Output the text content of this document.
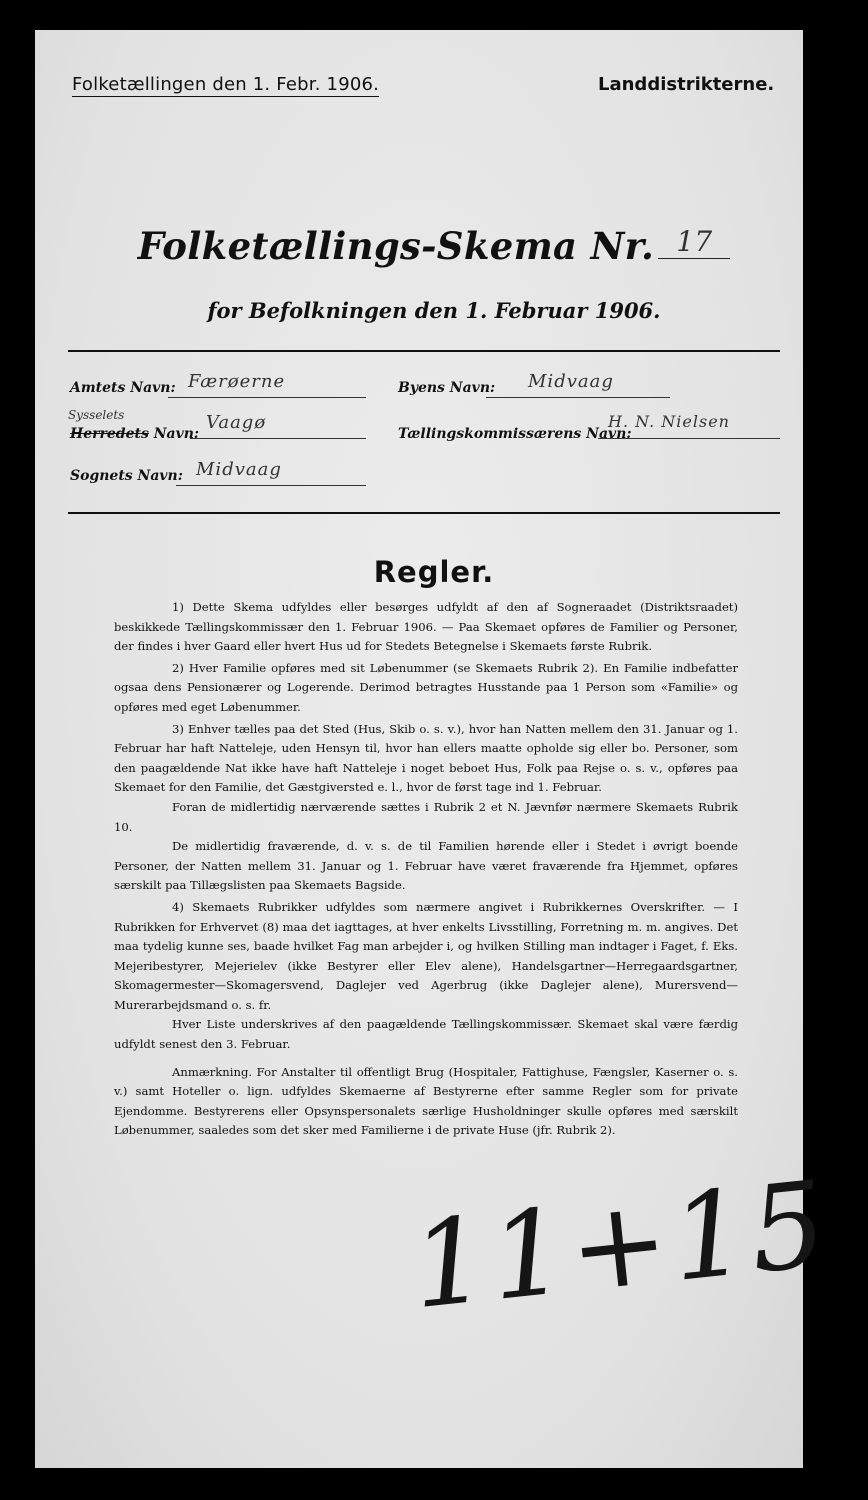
Folketællingen den 1. Febr. 1906.	Landdistrikterne.
Folketællings-Skema Nr. 17
for Befolkningen den 1. Februar 1906.
Amtets Navn: Færøerne	Byens Navn: Midvaag
Sysselets
Herredets Navn:
Vaagø
Tællingskommissærens Navn:
H. N. Nielsen
Sognets Navn: Midvaag
Regler.

1) Dette Skema udfyldes eller besørges udfyldt af den af Sogneraadet (Distriktsraadet) beskikkede Tællingskommissær den 1. Februar 1906. — Paa Skemaet opføres de Familier og Personer, der findes i hver Gaard eller hvert Hus ud for Stedets Betegnelse i Skemaets første Rubrik.

2) Hver Familie opføres med sit Løbenummer (se Skemaets Rubrik 2). En Familie indbefatter ogsaa dens Pensionærer og Logerende. Derimod betragtes Husstande paa 1 Person som «Familie» og opføres med eget Løbenummer.

3) Enhver tælles paa det Sted (Hus, Skib o. s. v.), hvor han Natten mellem den 31. Januar og 1. Februar har haft Natteleje, uden Hensyn til, hvor han ellers maatte opholde sig eller bo. Personer, som den paagældende Nat ikke have haft Natteleje i noget beboet Hus, Folk paa Rejse o. s. v., opføres paa Skemaet for den Familie, det Gæstgiversted e. l., hvor de først tage ind 1. Februar.

Foran de midlertidig nærværende sættes i Rubrik 2 et N. Jævnfør nærmere Skemaets Rubrik 10.

De midlertidig fraværende, d. v. s. de til Familien hørende eller i Stedet i øvrigt boende Personer, der Natten mellem 31. Januar og 1. Februar have været fraværende fra Hjemmet, opføres særskilt paa Tillægslisten paa Skemaets Bagside.

4) Skemaets Rubrikker udfyldes som nærmere angivet i Rubrikkernes Overskrifter. — I Rubrikken for Erhvervet (8) maa det iagttages, at hver enkelts Livsstilling, Forretning m. m. angives. Det maa tydelig kunne ses, baade hvilket Fag man arbejder i, og hvilken Stilling man indtager i Faget, f. Eks. Mejeribestyrer, Mejerielev (ikke Bestyrer eller Elev alene), Handelsgartner—Herregaardsgartner, Skomagermester—Skomagersvend, Daglejer ved Agerbrug (ikke Daglejer alene), Murersvend—Murerarbejdsmand o. s. fr.

Hver Liste underskrives af den paagældende Tællingskommissær. Skemaet skal være færdig udfyldt senest den 3. Februar.

Anmærkning. For Anstalter til offentligt Brug (Hospitaler, Fattighuse, Fængsler, Kaserner o. s. v.) samt Hoteller o. lign. udfyldes Skemaerne af Bestyrerne efter samme Regler som for private Ejendomme. Bestyrerens eller Opsynspersonalets særlige Husholdninger skulle opføres med særskilt Løbenummer, saaledes som det sker med Familierne i de private Huse (jfr. Rubrik 2).

11+15
